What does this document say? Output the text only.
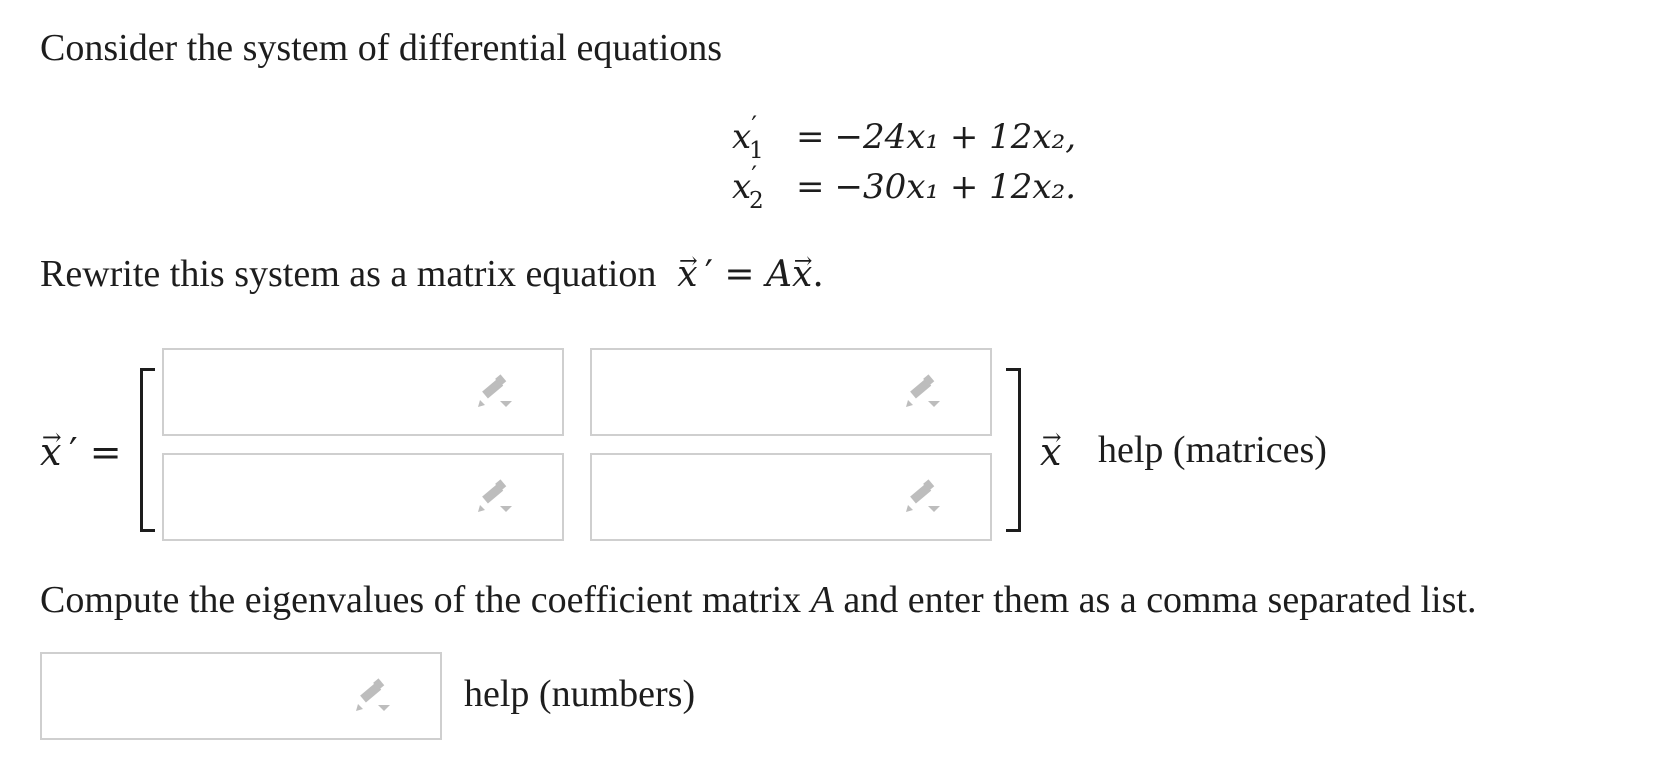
Consider the system of differential equations
$x'_1 = -24x_1 + 12x_2$,
$x'_2 = -30x_1 + 12x_2$.
Rewrite this system as a matrix equation → x ′ = A→ x.
→ x ′ =	→ x help (matrices)
Compute the eigenvalues of the coefficient matrix A and enter them as a comma separated list.
help (numbers)
